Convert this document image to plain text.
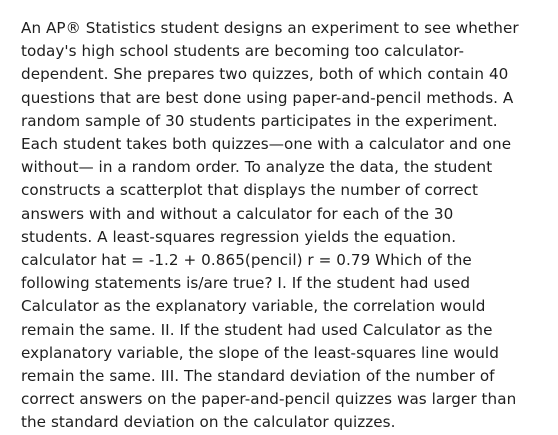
An AP® Statistics student designs an experiment to see whether
today's high school students are becoming too calculator-
dependent. She prepares two quizzes, both of which contain 40
questions that are best done using paper-and-pencil methods. A
random sample of 30 students participates in the experiment.
Each student takes both quizzes—one with a calculator and one
without— in a random order. To analyze the data, the student
constructs a scatterplot that displays the number of correct
answers with and without a calculator for each of the 30
students. A least-squares regression yields the equation.
calculator hat = -1.2 + 0.865(pencil) r = 0.79 Which of the
following statements is/are true? I. If the student had used
Calculator as the explanatory variable, the correlation would
remain the same. II. If the student had used Calculator as the
explanatory variable, the slope of the least-squares line would
remain the same. III. The standard deviation of the number of
correct answers on the paper-and-pencil quizzes was larger than
the standard deviation on the calculator quizzes.
